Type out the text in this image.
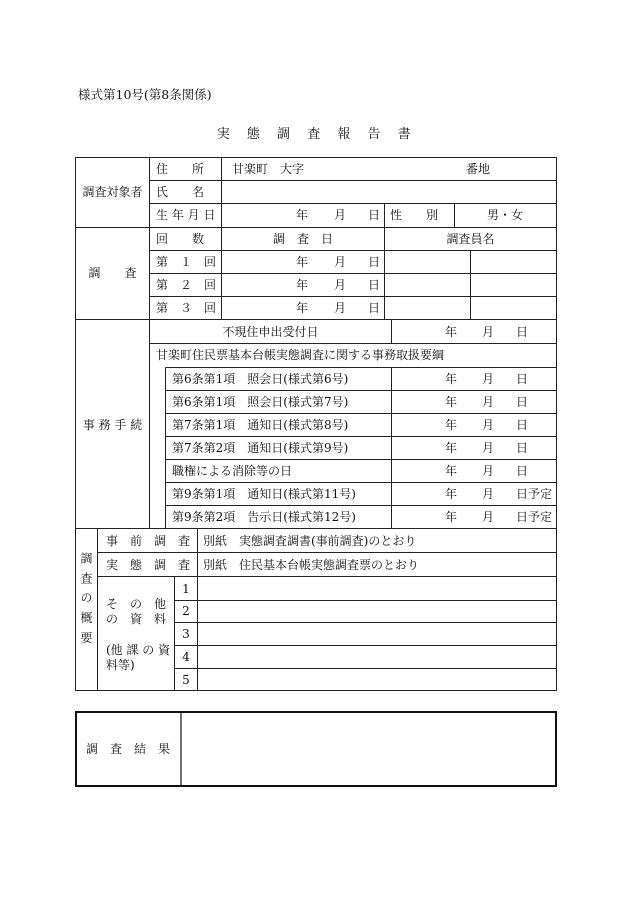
様式第10号(第8条関係)
実 態 調 査 報 告 書
調査対象者
住　　所 甘楽町　大字	番地
氏　　名
生 年 月 日	年 月 日 性　　別	男・女
調　　査
回　　数	調　査　日	調査員名
第　１　回	年 月 日
第　２　回	年 月 日
第　３　回	年 月 日
事 務 手 続
不現住申出受付日	年 月 日
甘楽町住民票基本台帳実態調査に関する事務取扱要綱
第6条第1項　照会日(様式第6号)	年 月 日
第6条第1項　照会日(様式第7号)	年 月 日
第7条第1項　通知日(様式第8号)	年 月 日
第7条第2項　通知日(様式第9号)	年 月 日
職権による消除等の日	年 月 日
第9条第1項　通知日(様式第11号)	年 月 日予定
第9条第2項　告示日(様式第12号)	年 月 日予定
調査の概要
事　前　調　査 別紙　実態調査調書(事前調査)のとおり
実　態　調　査 別紙　住民基本台帳実態調査票のとおり
そ　の　他
の　資　料
(他 課 の 資
料等)
1
2
3
4
5
調　査　結　果
